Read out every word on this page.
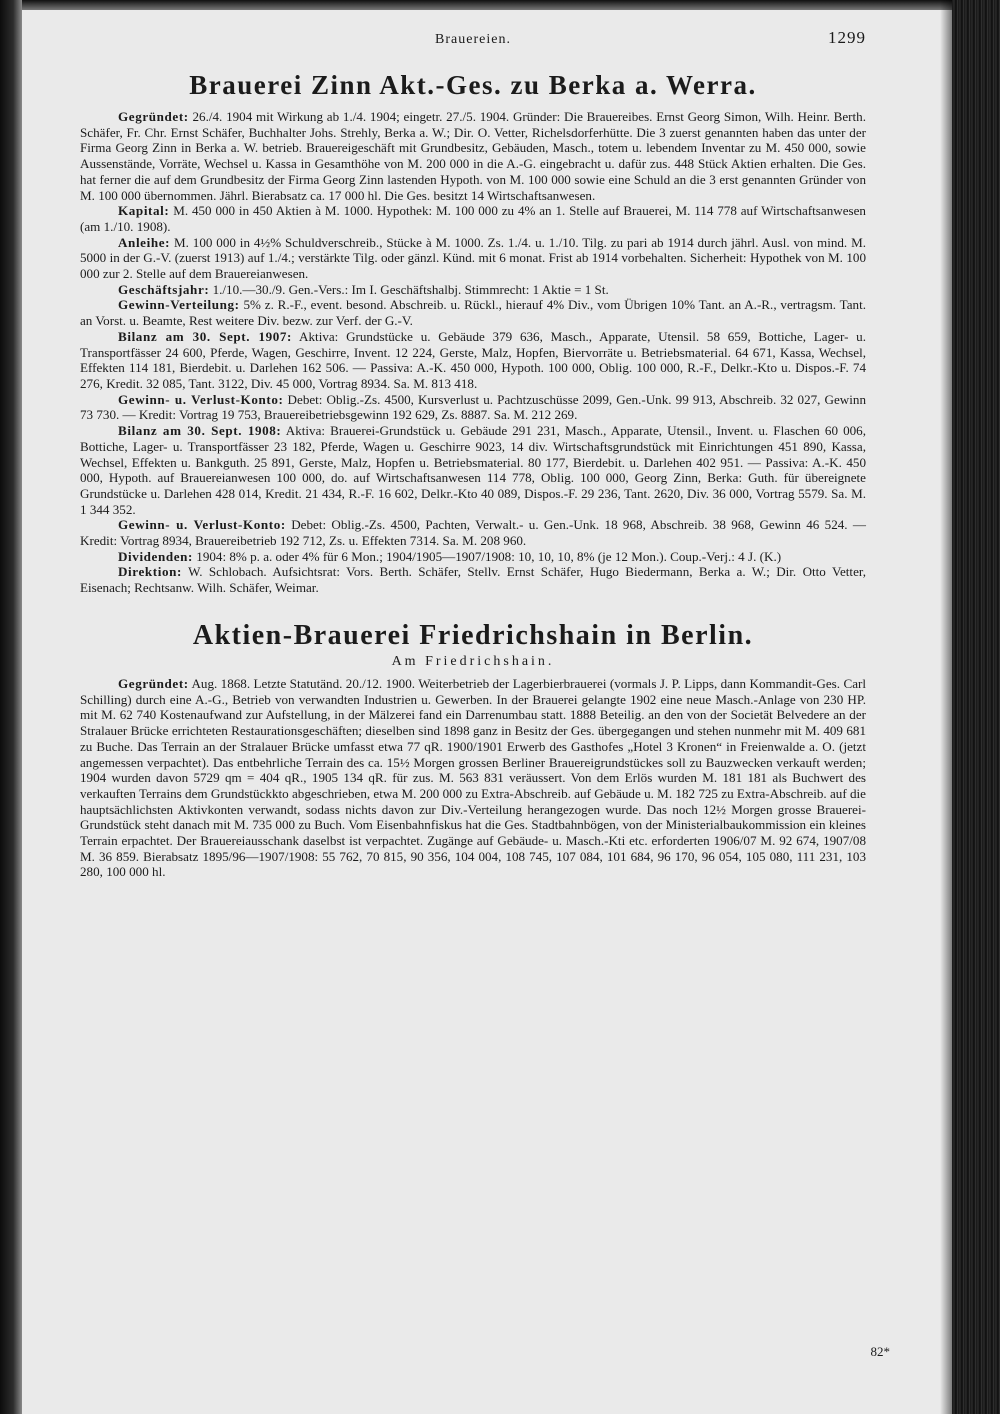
Brauereien.	1299
Brauerei Zinn Akt.-Ges. zu Berka a. Werra.

Gegründet: 26./4. 1904 mit Wirkung ab 1./4. 1904; eingetr. 27./5. 1904. Gründer: Die Brauereibes. Ernst Georg Simon, Wilh. Heinr. Berth. Schäfer, Fr. Chr. Ernst Schäfer, Buchhalter Johs. Strehly, Berka a. W.; Dir. O. Vetter, Richelsdorferhütte. Die 3 zuerst genannten haben das unter der Firma Georg Zinn in Berka a. W. betrieb. Brauereigeschäft mit Grundbesitz, Gebäuden, Masch., totem u. lebendem Inventar zu M. 450 000, sowie Aussenstände, Vorräte, Wechsel u. Kassa in Gesamthöhe von M. 200 000 in die A.-G. eingebracht u. dafür zus. 448 Stück Aktien erhalten. Die Ges. hat ferner die auf dem Grundbesitz der Firma Georg Zinn lastenden Hypoth. von M. 100 000 sowie eine Schuld an die 3 erst genannten Gründer von M. 100 000 übernommen. Jährl. Bierabsatz ca. 17 000 hl. Die Ges. besitzt 14 Wirtschaftsanwesen.

Kapital: M. 450 000 in 450 Aktien à M. 1000. Hypothek: M. 100 000 zu 4% an 1. Stelle auf Brauerei, M. 114 778 auf Wirtschaftsanwesen (am 1./10. 1908).

Anleihe: M. 100 000 in 4½% Schuldverschreib., Stücke à M. 1000. Zs. 1./4. u. 1./10. Tilg. zu pari ab 1914 durch jährl. Ausl. von mind. M. 5000 in der G.-V. (zuerst 1913) auf 1./4.; verstärkte Tilg. oder gänzl. Künd. mit 6 monat. Frist ab 1914 vorbehalten. Sicherheit: Hypothek von M. 100 000 zur 2. Stelle auf dem Brauereianwesen.

Geschäftsjahr: 1./10.—30./9. Gen.-Vers.: Im I. Geschäftshalbj. Stimmrecht: 1 Aktie = 1 St.

Gewinn-Verteilung: 5% z. R.-F., event. besond. Abschreib. u. Rückl., hierauf 4% Div., vom Übrigen 10% Tant. an A.-R., vertragsm. Tant. an Vorst. u. Beamte, Rest weitere Div. bezw. zur Verf. der G.-V.

Bilanz am 30. Sept. 1907: Aktiva: Grundstücke u. Gebäude 379 636, Masch., Apparate, Utensil. 58 659, Bottiche, Lager- u. Transportfässer 24 600, Pferde, Wagen, Geschirre, Invent. 12 224, Gerste, Malz, Hopfen, Biervorräte u. Betriebsmaterial. 64 671, Kassa, Wechsel, Effekten 114 181, Bierdebit. u. Darlehen 162 506. — Passiva: A.-K. 450 000, Hypoth. 100 000, Oblig. 100 000, R.-F., Delkr.-Kto u. Dispos.-F. 74 276, Kredit. 32 085, Tant. 3122, Div. 45 000, Vortrag 8934. Sa. M. 813 418.

Gewinn- u. Verlust-Konto: Debet: Oblig.-Zs. 4500, Kursverlust u. Pachtzuschüsse 2099, Gen.-Unk. 99 913, Abschreib. 32 027, Gewinn 73 730. — Kredit: Vortrag 19 753, Brauereibetriebsgewinn 192 629, Zs. 8887. Sa. M. 212 269.

Bilanz am 30. Sept. 1908: Aktiva: Brauerei-Grundstück u. Gebäude 291 231, Masch., Apparate, Utensil., Invent. u. Flaschen 60 006, Bottiche, Lager- u. Transportfässer 23 182, Pferde, Wagen u. Geschirre 9023, 14 div. Wirtschaftsgrundstück mit Einrichtungen 451 890, Kassa, Wechsel, Effekten u. Bankguth. 25 891, Gerste, Malz, Hopfen u. Betriebsmaterial. 80 177, Bierdebit. u. Darlehen 402 951. — Passiva: A.-K. 450 000, Hypoth. auf Brauereianwesen 100 000, do. auf Wirtschaftsanwesen 114 778, Oblig. 100 000, Georg Zinn, Berka: Guth. für übereignete Grundstücke u. Darlehen 428 014, Kredit. 21 434, R.-F. 16 602, Delkr.-Kto 40 089, Dispos.-F. 29 236, Tant. 2620, Div. 36 000, Vortrag 5579. Sa. M. 1 344 352.

Gewinn- u. Verlust-Konto: Debet: Oblig.-Zs. 4500, Pachten, Verwalt.- u. Gen.-Unk. 18 968, Abschreib. 38 968, Gewinn 46 524. — Kredit: Vortrag 8934, Brauereibetrieb 192 712, Zs. u. Effekten 7314. Sa. M. 208 960.

Dividenden: 1904: 8% p. a. oder 4% für 6 Mon.; 1904/1905—1907/1908: 10, 10, 10, 8% (je 12 Mon.). Coup.-Verj.: 4 J. (K.)

Direktion: W. Schlobach. Aufsichtsrat: Vors. Berth. Schäfer, Stellv. Ernst Schäfer, Hugo Biedermann, Berka a. W.; Dir. Otto Vetter, Eisenach; Rechtsanw. Wilh. Schäfer, Weimar.

Aktien-Brauerei Friedrichshain in Berlin.
Am Friedrichshain.

Gegründet: Aug. 1868. Letzte Statutänd. 20./12. 1900. Weiterbetrieb der Lagerbierbrauerei (vormals J. P. Lipps, dann Kommandit-Ges. Carl Schilling) durch eine A.-G., Betrieb von verwandten Industrien u. Gewerben. In der Brauerei gelangte 1902 eine neue Masch.-Anlage von 230 HP. mit M. 62 740 Kostenaufwand zur Aufstellung, in der Mälzerei fand ein Darrenumbau statt. 1888 Beteilig. an den von der Societät Belvedere an der Stralauer Brücke errichteten Restaurationsgeschäften; dieselben sind 1898 ganz in Besitz der Ges. übergegangen und stehen nunmehr mit M. 409 681 zu Buche. Das Terrain an der Stralauer Brücke umfasst etwa 77 qR. 1900/1901 Erwerb des Gasthofes „Hotel 3 Kronen“ in Freienwalde a. O. (jetzt angemessen verpachtet). Das entbehrliche Terrain des ca. 15½ Morgen grossen Berliner Brauereigrundstückes soll zu Bauzwecken verkauft werden; 1904 wurden davon 5729 qm = 404 qR., 1905 134 qR. für zus. M. 563 831 veräussert. Von dem Erlös wurden M. 181 181 als Buchwert des verkauften Terrains dem Grundstückkto abgeschrieben, etwa M. 200 000 zu Extra-Abschreib. auf Gebäude u. M. 182 725 zu Extra-Abschreib. auf die hauptsächlichsten Aktivkonten verwandt, sodass nichts davon zur Div.-Verteilung herangezogen wurde. Das noch 12½ Morgen grosse Brauerei-Grundstück steht danach mit M. 735 000 zu Buch. Vom Eisenbahnfiskus hat die Ges. Stadtbahnbögen, von der Ministerialbaukommission ein kleines Terrain erpachtet. Der Brauereiausschank daselbst ist verpachtet. Zugänge auf Gebäude- u. Masch.-Kti etc. erforderten 1906/07 M. 92 674, 1907/08 M. 36 859. Bierabsatz 1895/96—1907/1908: 55 762, 70 815, 90 356, 104 004, 108 745, 107 084, 101 684, 96 170, 96 054, 105 080, 111 231, 103 280, 100 000 hl.

82*
